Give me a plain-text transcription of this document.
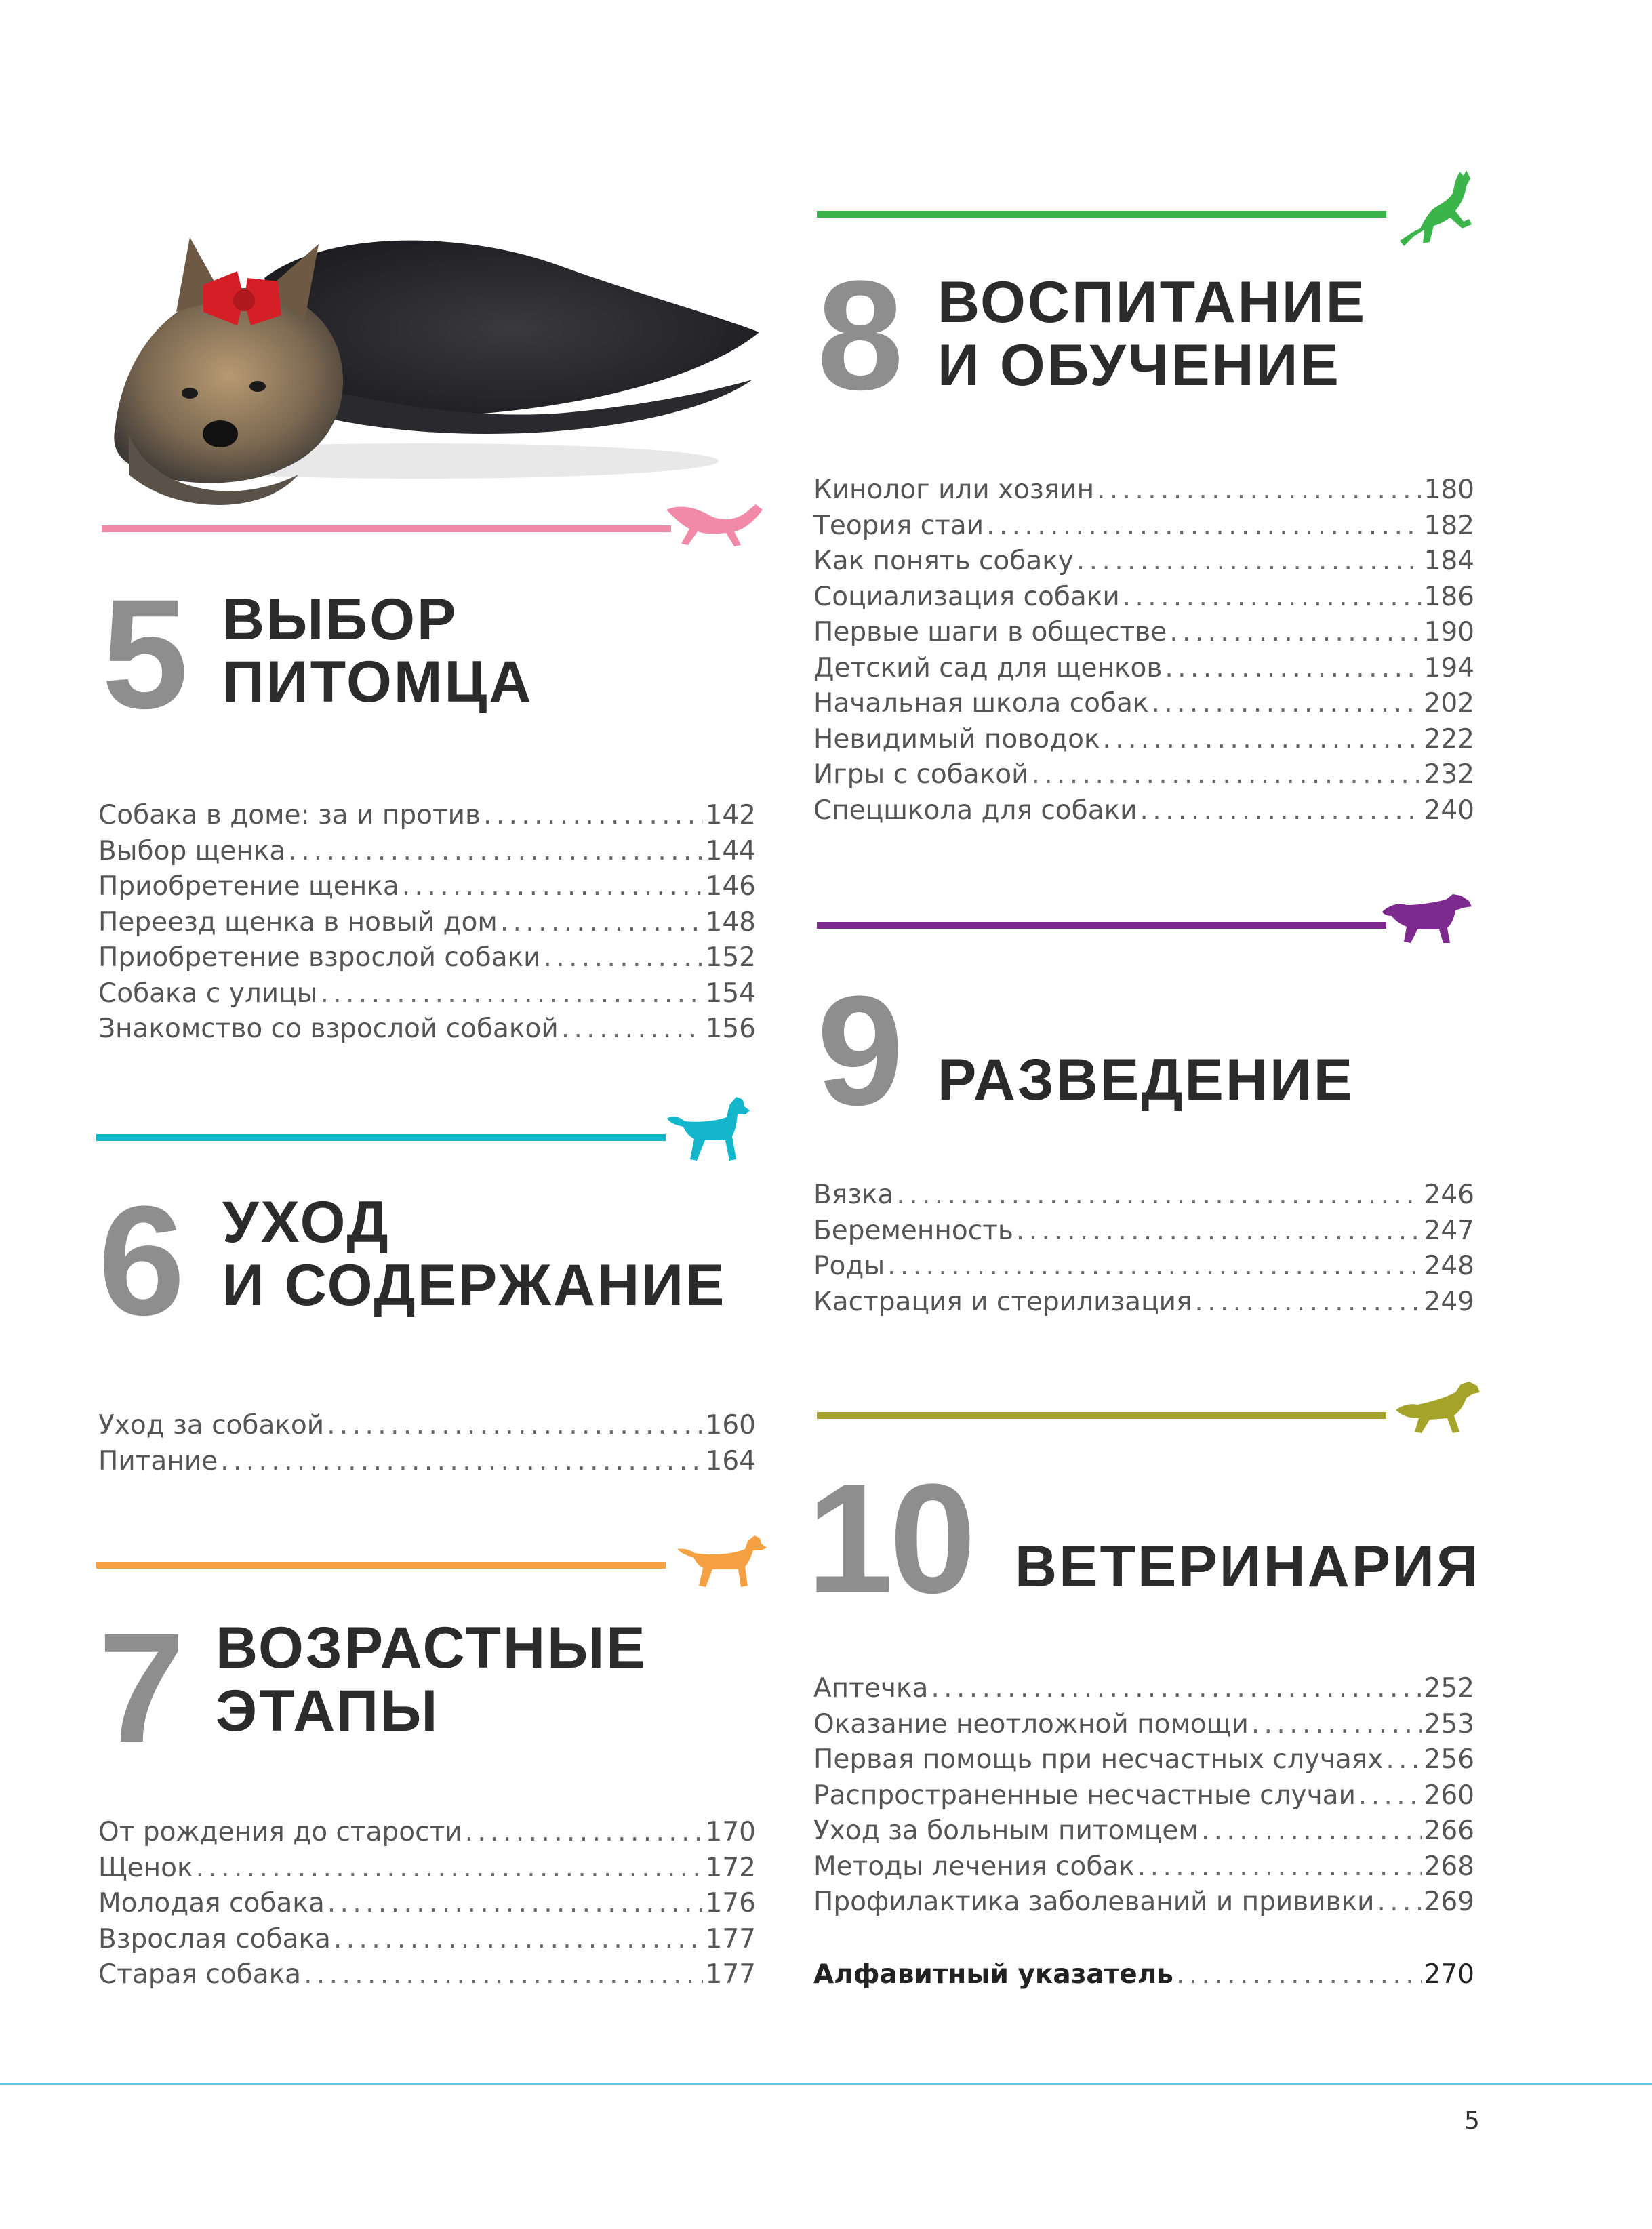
5 ВЫБОР
ПИТОМЦА
Собака в доме: за и против . . .	142
Выбор щенка . . .	144
Приобретение щенка . . .	146
Переезд щенка в новый дом . . .	148
Приобретение взрослой собаки . . .	152
Собака с улицы . . .	154
Знакомство со взрослой собакой . . .	156
6 УХОД
И СОДЕРЖАНИЕ
Уход за собакой . . .	160
Питание . . .	164
7 ВОЗРАСТНЫЕ
ЭТАПЫ
От рождения до старости . . .	170
Щенок . . .	172
Молодая собака . . .	176
Взрослая собака . . .	177
Старая собака . . .	177
8 ВОСПИТАНИЕ
И ОБУЧЕНИЕ
Кинолог или хозяин . . .	180
Теория стаи . . .	182
Как понять собаку . . .	184
Социализация собаки . . .	186
Первые шаги в обществе . . .	190
Детский сад для щенков . . .	194
Начальная школа собак . . .	202
Невидимый поводок . . .	222
Игры с собакой . . .	232
Спецшкола для собаки . . .	240
9 РАЗВЕДЕНИЕ
Вязка . . .	246
Беременность . . .	247
Роды . . .	248
Кастрация и стерилизация . . .	249
10 ВЕТЕРИНАРИЯ
Аптечка . . .	252
Оказание неотложной помощи . . .	253
Первая помощь при несчастных случаях . . . 256
Распространенные несчастные случаи . . .	260
Уход за больным питомцем . . .	266
Методы лечения собак . . .	268
Профилактика заболеваний и прививки . . . 269
Алфавитный указатель . . .	270
5
